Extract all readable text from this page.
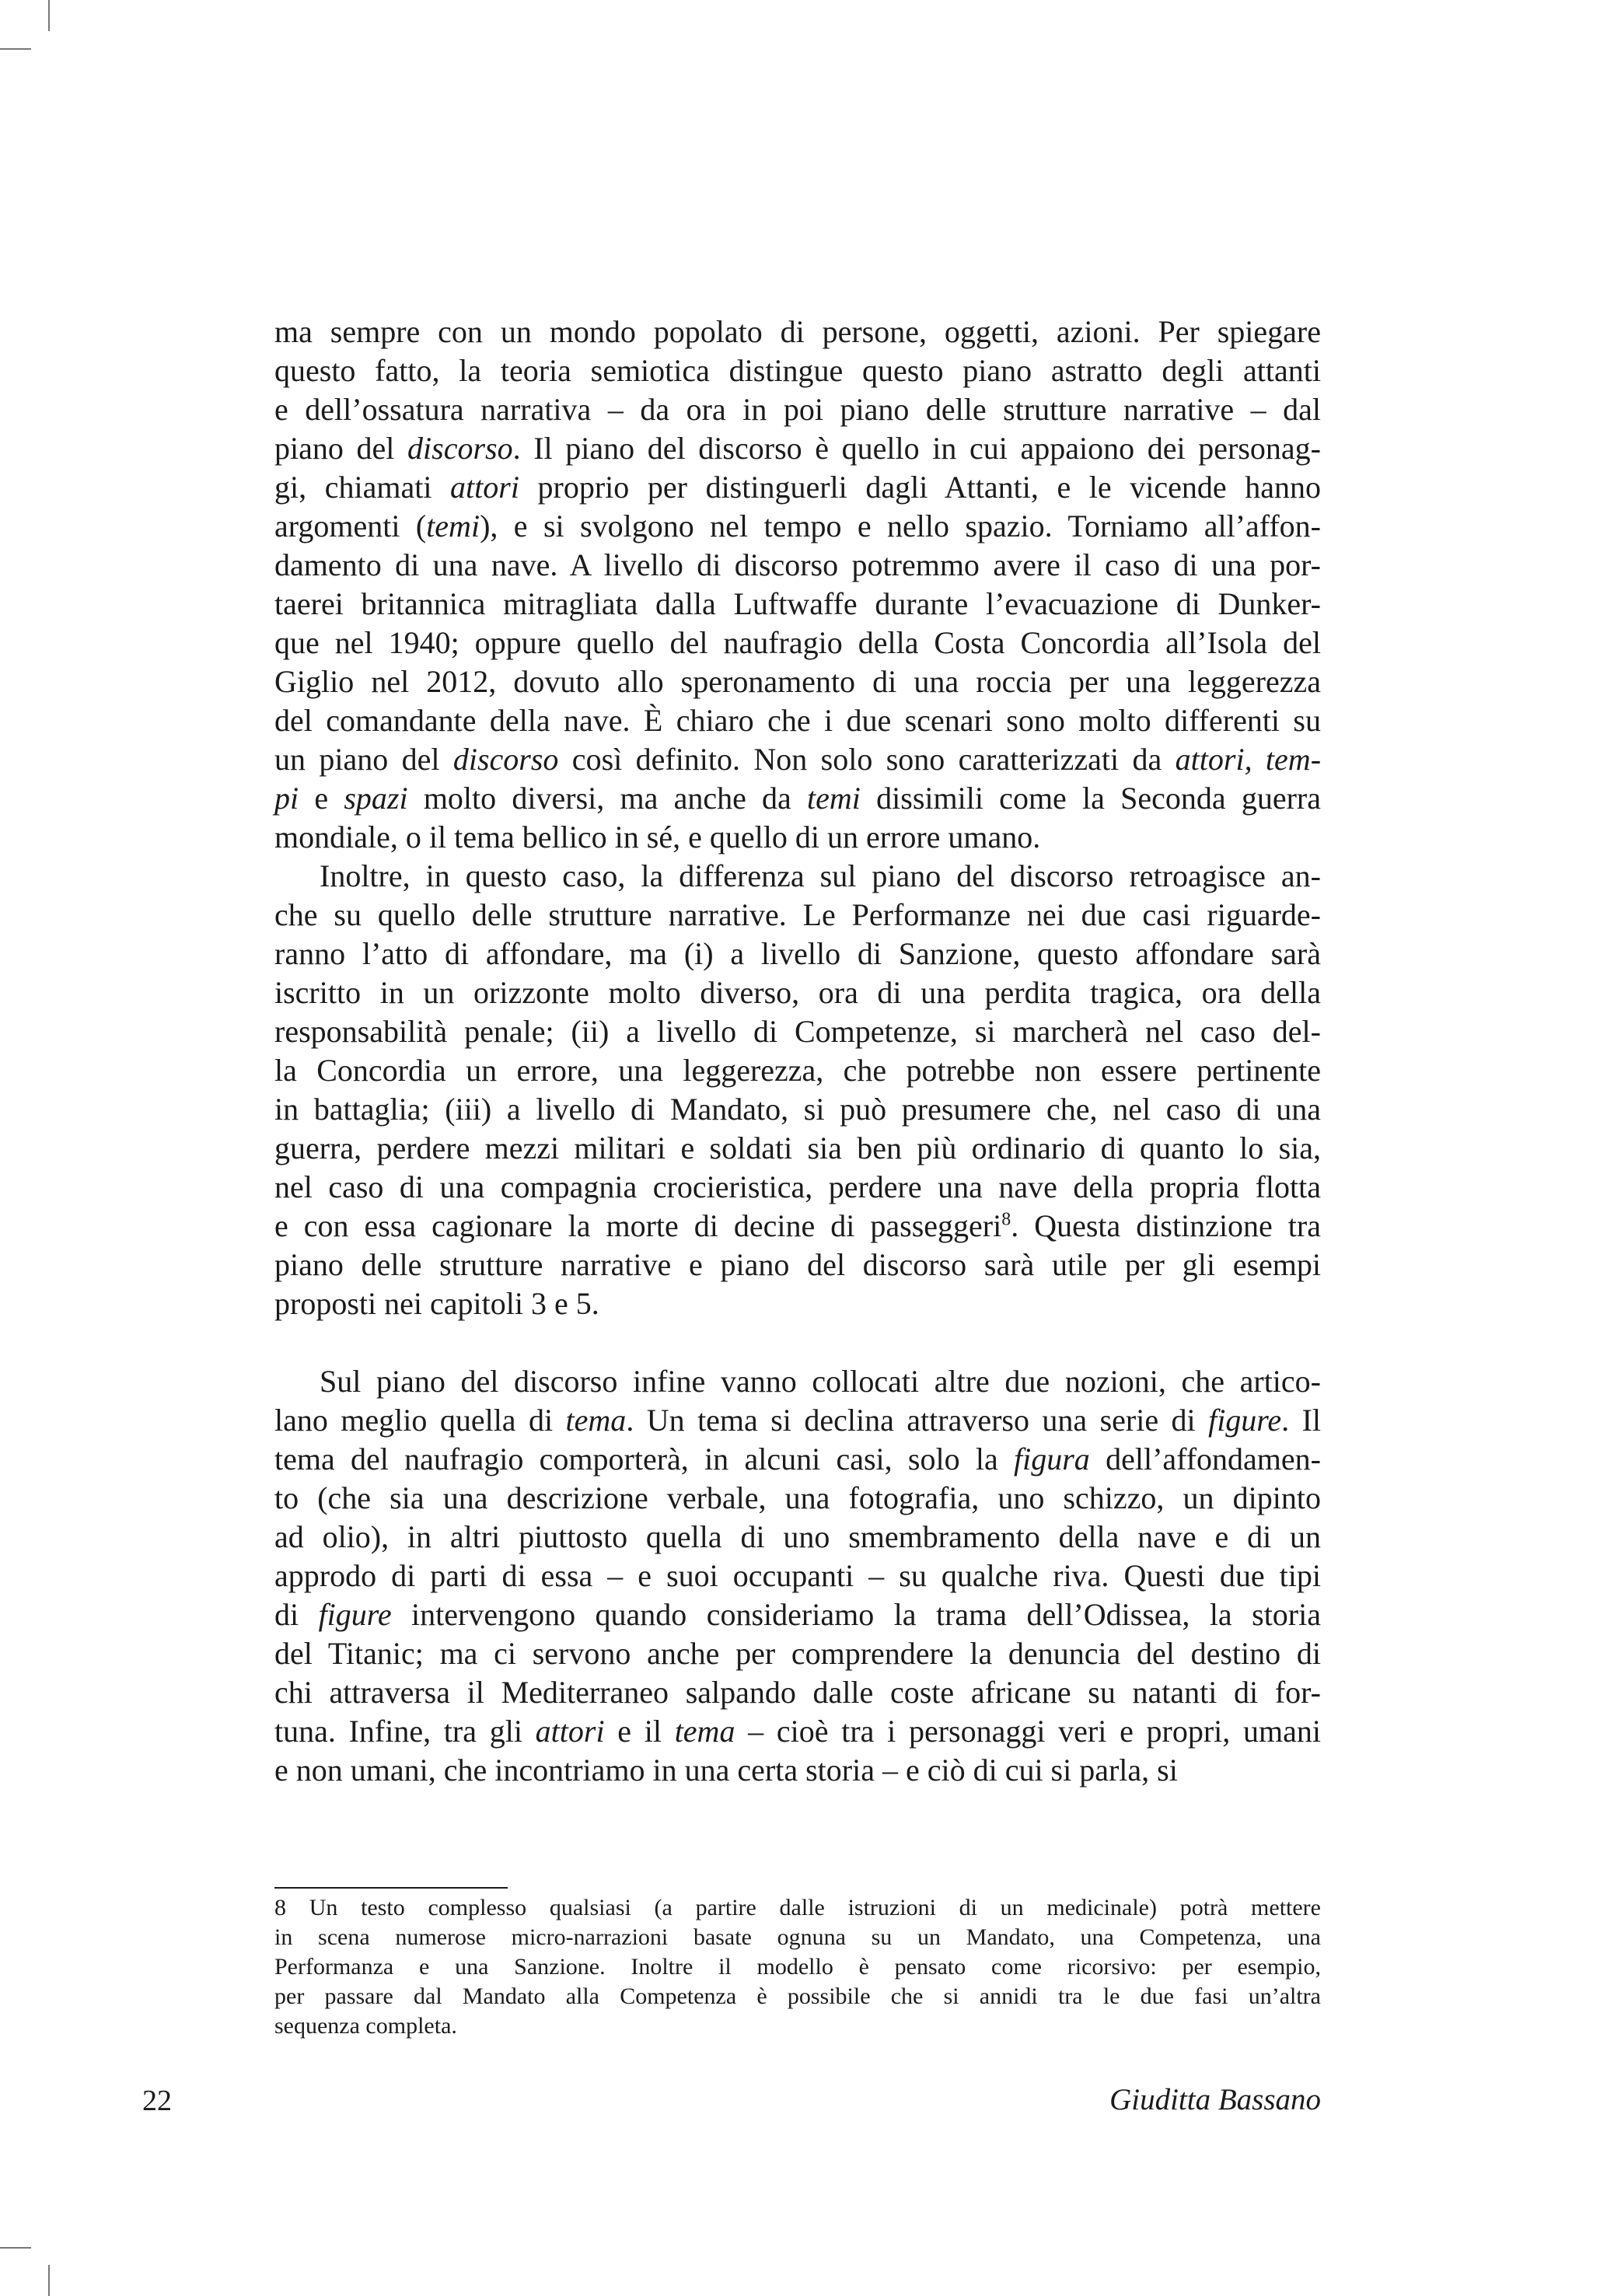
ma sempre con un mondo popolato di persone, oggetti, azioni. Per spiegare
questo fatto, la teoria semiotica distingue questo piano astratto degli attanti
e dell’ossatura narrativa – da ora in poi piano delle strutture narrative – dal
piano del discorso. Il piano del discorso è quello in cui appaiono dei personag-
gi, chiamati attori proprio per distinguerli dagli Attanti, e le vicende hanno
argomenti (temi), e si svolgono nel tempo e nello spazio. Torniamo all’affon-
damento di una nave. A livello di discorso potremmo avere il caso di una por-
taerei britannica mitragliata dalla Luftwaffe durante l’evacuazione di Dunker-
que nel 1940; oppure quello del naufragio della Costa Concordia all’Isola del
Giglio nel 2012, dovuto allo speronamento di una roccia per una leggerezza
del comandante della nave. È chiaro che i due scenari sono molto differenti su
un piano del discorso così definito. Non solo sono caratterizzati da attori, tem-
pi e spazi molto diversi, ma anche da temi dissimili come la Seconda guerra
mondiale, o il tema bellico in sé, e quello di un errore umano.
Inoltre, in questo caso, la differenza sul piano del discorso retroagisce an-
che su quello delle strutture narrative. Le Performanze nei due casi riguarde-
ranno l’atto di affondare, ma (i) a livello di Sanzione, questo affondare sarà
iscritto in un orizzonte molto diverso, ora di una perdita tragica, ora della
responsabilità penale; (ii) a livello di Competenze, si marcherà nel caso del-
la Concordia un errore, una leggerezza, che potrebbe non essere pertinente
in battaglia; (iii) a livello di Mandato, si può presumere che, nel caso di una
guerra, perdere mezzi militari e soldati sia ben più ordinario di quanto lo sia,
nel caso di una compagnia crocieristica, perdere una nave della propria flotta
e con essa cagionare la morte di decine di passeggeri$^8$. Questa distinzione tra
piano delle strutture narrative e piano del discorso sarà utile per gli esempi
proposti nei capitoli 3 e 5.
Sul piano del discorso infine vanno collocati altre due nozioni, che artico-
lano meglio quella di tema. Un tema si declina attraverso una serie di figure. Il
tema del naufragio comporterà, in alcuni casi, solo la figura dell’affondamen-
to (che sia una descrizione verbale, una fotografia, uno schizzo, un dipinto
ad olio), in altri piuttosto quella di uno smembramento della nave e di un
approdo di parti di essa – e suoi occupanti – su qualche riva. Questi due tipi
di figure intervengono quando consideriamo la trama dell’Odissea, la storia
del Titanic; ma ci servono anche per comprendere la denuncia del destino di
chi attraversa il Mediterraneo salpando dalle coste africane su natanti di for-
tuna. Infine, tra gli attori e il tema – cioè tra i personaggi veri e propri, umani
e non umani, che incontriamo in una certa storia – e ciò di cui si parla, si
8 Un testo complesso qualsiasi (a partire dalle istruzioni di un medicinale) potrà mettere
in scena numerose micro-narrazioni basate ognuna su un Mandato, una Competenza, una
Performanza e una Sanzione. Inoltre il modello è pensato come ricorsivo: per esempio,
per passare dal Mandato alla Competenza è possibile che si annidi tra le due fasi un’altra
sequenza completa.
22	Giuditta Bassano
